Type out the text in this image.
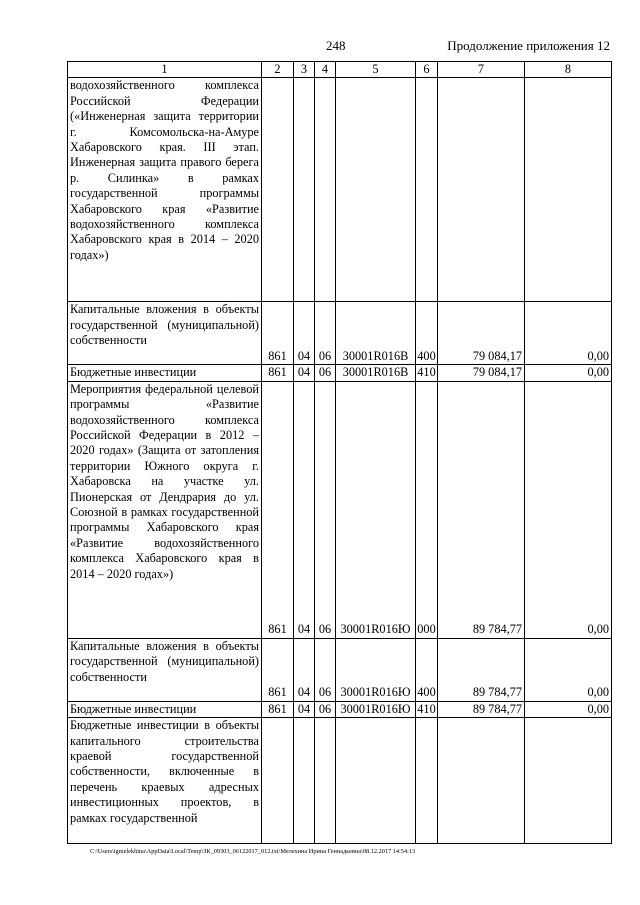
248	Продолжение приложения 12
1	2	3	4	5	6	7	8
водохозяйственного комплекса Российской Федерации («Инженерная защита территории г. Комсомольска-на-Амуре Хабаровского края. III этап. Инженерная защита правого берега р. Силинка» в рамках государственной программы Хабаровского края «Развитие водохозяйственного комплекса Хабаровского края в 2014 – 2020 годах»)							
Капитальные вложения в объекты государственной (муниципальной) собственности	861	04	06	30001R016В	400	79 084,17	0,00
Бюджетные инвестиции	861	04	06	30001R016В	410	79 084,17	0,00
Мероприятия федеральной целевой программы «Развитие водохозяйственного комплекса Российской Федерации в 2012 – 2020 годах» (Защита от затопления территории Южного округа г. Хабаровска на участке ул. Пионерская от Дендрария до ул. Союзной в рамках государственной программы Хабаровского края «Развитие водохозяйственного комплекса Хабаровского края в 2014 – 2020 годах»)	861	04	06	30001R016Ю	000	89 784,77	0,00
Капитальные вложения в объекты государственной (муниципальной) собственности	861	04	06	30001R016Ю	400	89 784,77	0,00
Бюджетные инвестиции	861	04	06	30001R016Ю	410	89 784,77	0,00
Бюджетные инвестиции в объекты капитального строительства краевой государственной собственности, включенные в перечень краевых адресных инвестиционных проектов, в рамках государственной							
C:\Users\igmelekhina\AppData\Local\Temp\ЗК_09303_06122017_012.txt\Мелехина Ирина Геннадьевна\08.12.2017 14:54:13
